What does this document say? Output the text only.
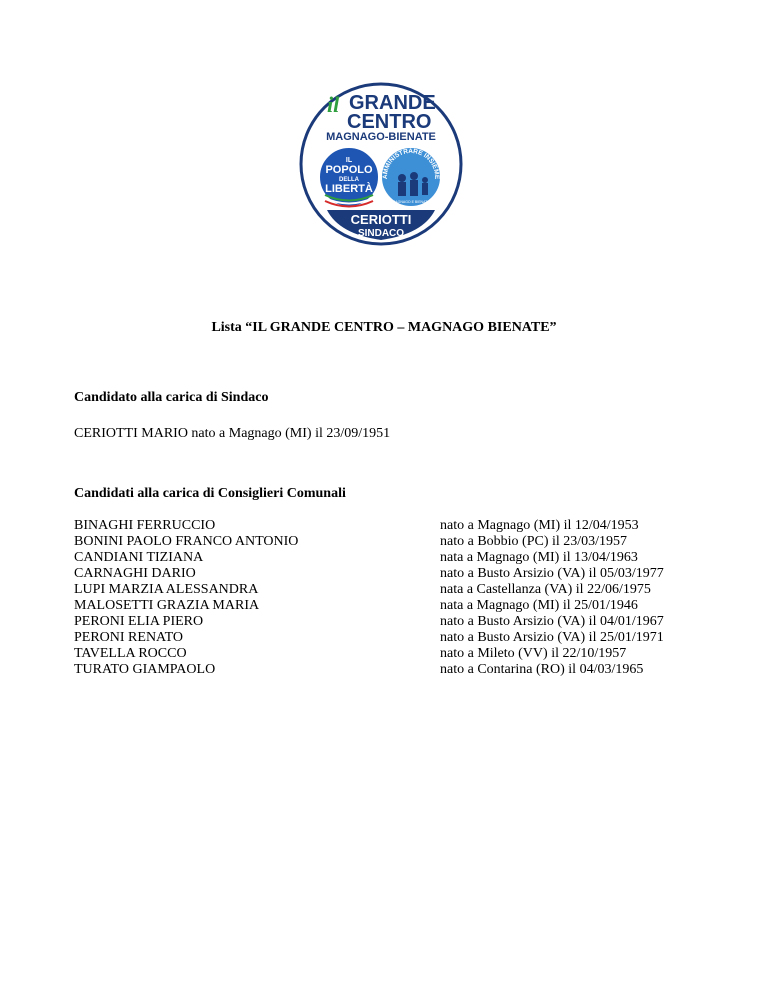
il GRANDE
CENTRO
MAGNAGO-BIENATE
IL
POPOLO
DELLA
LIBERTÀ
AMMINISTRARE INSIEME
MAGNAGO E BIENATE
CERIOTTI
SINDACO
Lista “IL GRANDE CENTRO – MAGNAGO BIENATE”
Candidato alla carica di Sindaco
CERIOTTI MARIO nato a Magnago (MI) il 23/09/1951
Candidati alla carica di Consiglieri Comunali
BINAGHI FERRUCCIO	nato a Magnago (MI) il 12/04/1953
BONINI PAOLO FRANCO ANTONIO	nato a Bobbio (PC) il 23/03/1957
CANDIANI TIZIANA	nata a Magnago (MI) il 13/04/1963
CARNAGHI DARIO	nato a Busto Arsizio (VA) il 05/03/1977
LUPI MARZIA ALESSANDRA	nata a Castellanza (VA) il 22/06/1975
MALOSETTI GRAZIA MARIA	nata a Magnago (MI) il 25/01/1946
PERONI ELIA PIERO	nato a Busto Arsizio (VA) il 04/01/1967
PERONI RENATO	nato a Busto Arsizio (VA) il 25/01/1971
TAVELLA ROCCO	nato a Mileto (VV) il 22/10/1957
TURATO GIAMPAOLO	nato a Contarina (RO) il 04/03/1965
